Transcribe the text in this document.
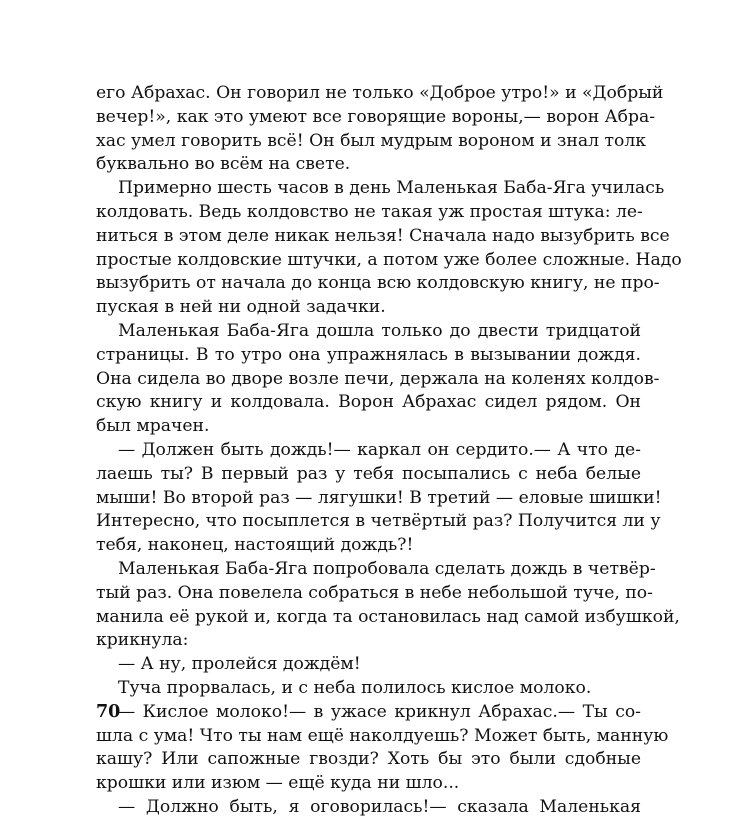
его Абрахас. Он говорил не только «Доброе утро!» и «Добрый
вечер!», как это умеют все говорящие вороны,— ворон Абра-
хас умел говорить всё! Он был мудрым вороном и знал толк
буквально во всём на свете.
Примерно шесть часов в день Маленькая Баба-Яга училась
колдовать. Ведь колдовство не такая уж простая штука: ле-
ниться в этом деле никак нельзя! Сначала надо вызубрить все
простые колдовские штучки, а потом уже более сложные. Надо
вызубрить от начала до конца всю колдовскую книгу, не про-
пуская в ней ни одной задачки.
Маленькая Баба-Яга дошла только до двести тридцатой
страницы. В то утро она упражнялась в вызывании дождя.
Она сидела во дворе возле печи, держала на коленях колдов-
скую книгу и колдовала. Ворон Абрахас сидел рядом. Он
был мрачен.
— Должен быть дождь!— каркал он сердито.— А что де-
лаешь ты? В первый раз у тебя посыпались с неба белые
мыши! Во второй раз — лягушки! В третий — еловые шишки!
Интересно, что посыплется в четвёртый раз? Получится ли у
тебя, наконец, настоящий дождь?!
Маленькая Баба-Яга попробовала сделать дождь в четвёр-
тый раз. Она повелела собраться в небе небольшой туче, по-
манила её рукой и, когда та остановилась над самой избушкой,
крикнула:
— А ну, пролейся дождём!
Туча прорвалась, и с неба полилось кислое молоко.
— Кислое молоко!— в ужасе крикнул Абрахас.— Ты со-
шла с ума! Что ты нам ещё наколдуешь? Может быть, манную
кашу? Или сапожные гвозди? Хоть бы это были сдобные
крошки или изюм — ещё куда ни шло...
— Должно быть, я оговорилась!— сказала Маленькая
70
